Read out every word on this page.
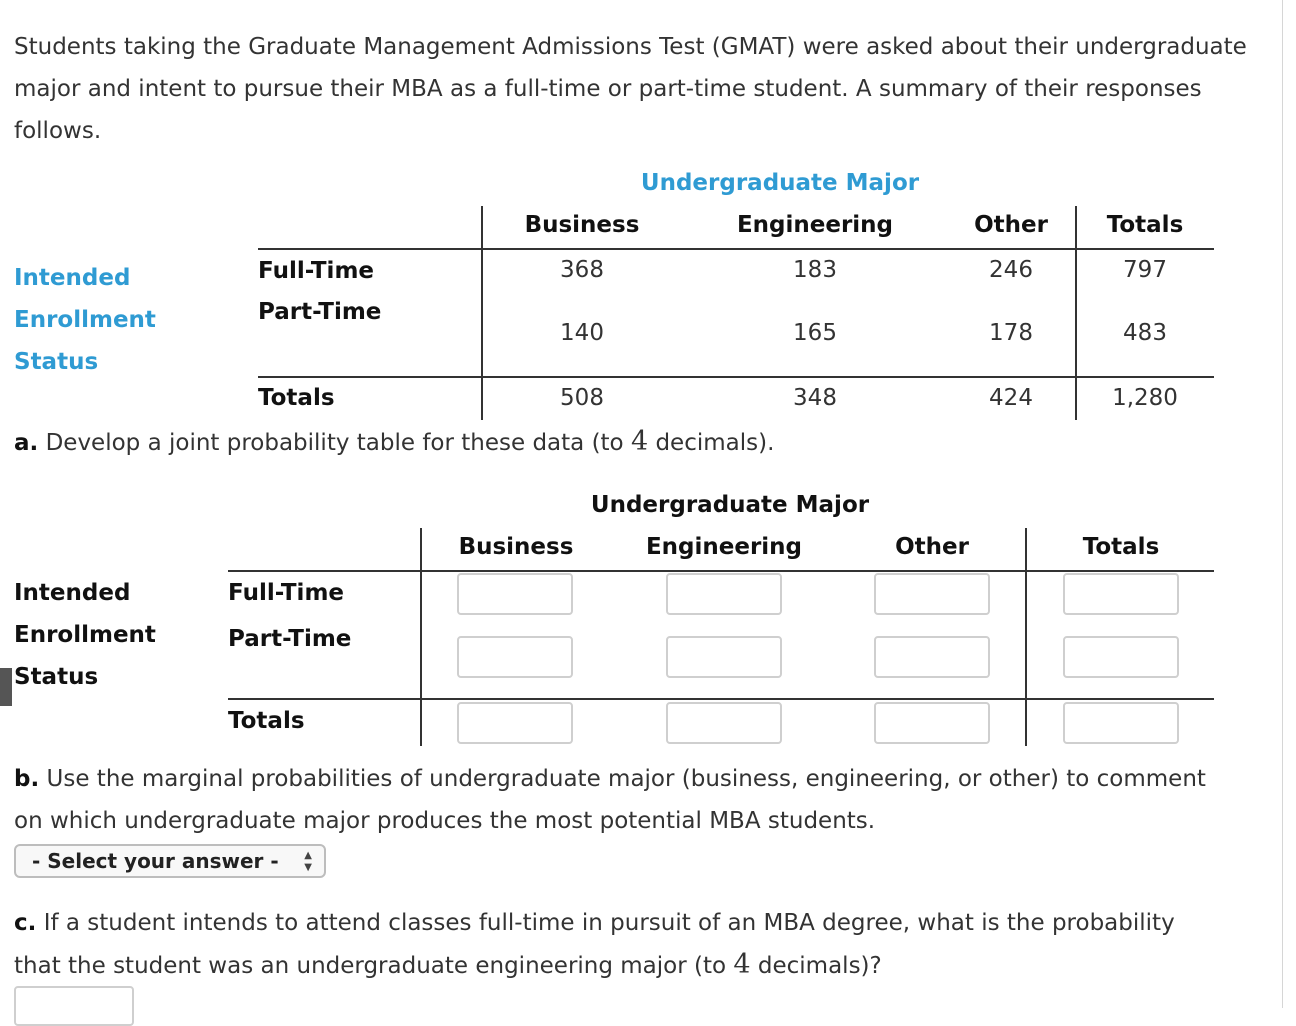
Students taking the Graduate Management Admissions Test (GMAT) were asked about their undergraduate major and intent to pursue their MBA as a full-time or part-time student. A summary of their responses follows.

Undergraduate Major
Business	Engineering	Other	Totals
Intended
Enrollment
Status
Full-Time	368	183	246	797
Part-Time
140	165	178	483
Totals	508	348	424	1,280
a. Develop a joint probability table for these data (to 4 decimals).
Undergraduate Major
Business	Engineering	Other	Totals
Intended
Enrollment
Status
Full-Time
Part-Time
Totals
b. Use the marginal probabilities of undergraduate major (business, engineering, or other) to comment
on which undergraduate major produces the most potential MBA students.
- Select your answer -	▲
▼
c. If a student intends to attend classes full-time in pursuit of an MBA degree, what is the probability
that the student was an undergraduate engineering major (to 4 decimals)?
